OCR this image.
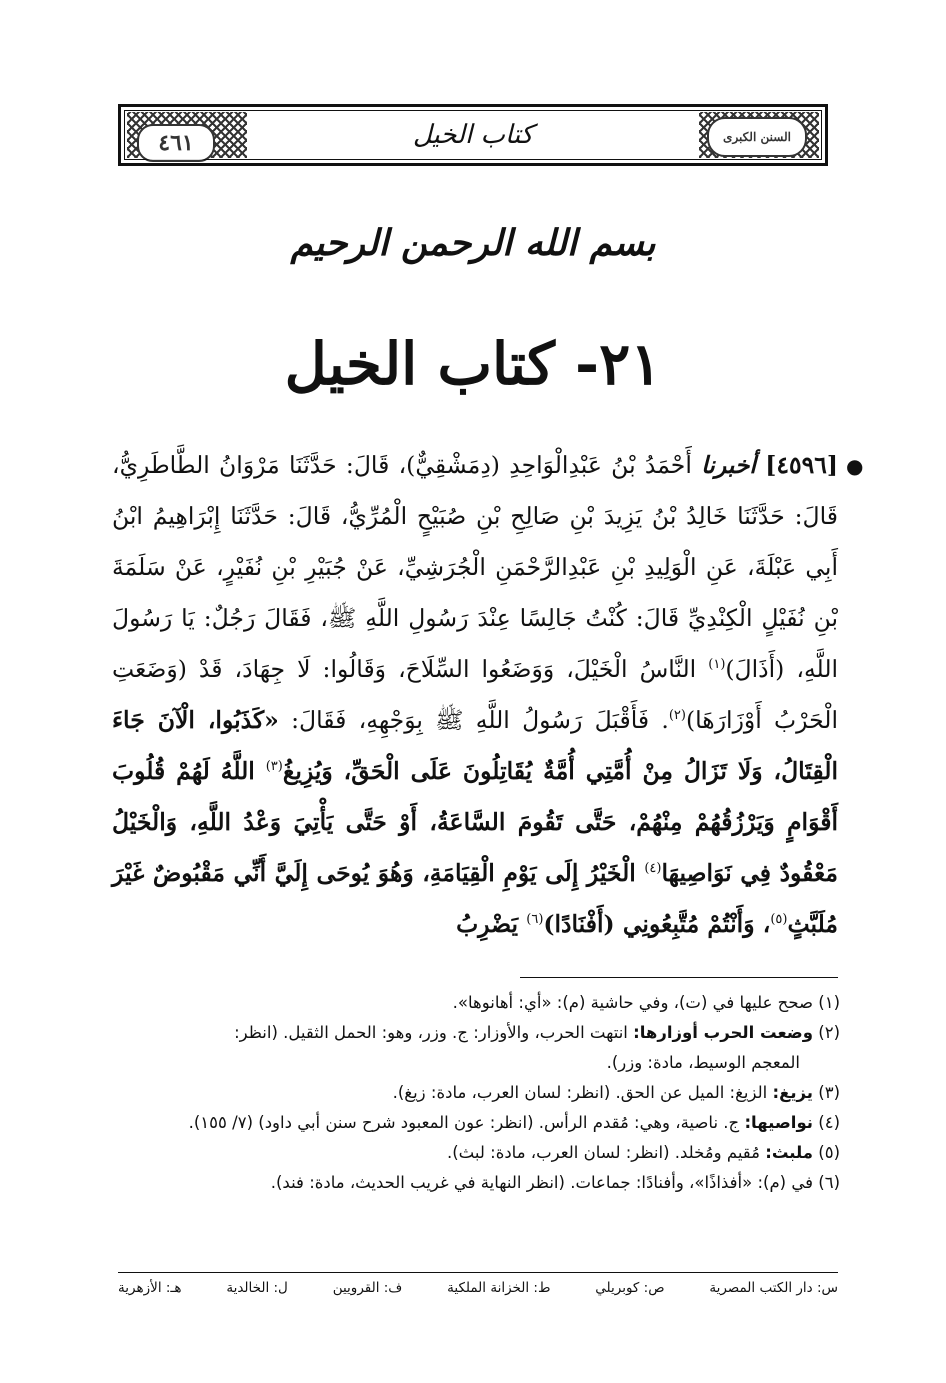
٤٦١	كتاب الخيل	السنن الكبرى
بسم الله الرحمن الرحيم
٢١- كتاب الخيل
●
[٤٥٩٦] أخبرنا أَحْمَدُ بْنُ عَبْدِالْوَاحِدِ (دِمَشْقِيٌّ)، قَالَ: حَدَّثَنَا مَرْوَانُ الطَّاطَرِيُّ، قَالَ: حَدَّثَنَا خَالِدُ بْنُ يَزِيدَ بْنِ صَالِحِ بْنِ صُبَيْحٍ الْمُرِّيُّ، قَالَ: حَدَّثَنَا إِبْرَاهِيمُ ابْنُ أَبِي عَبْلَةَ، عَنِ الْوَلِيدِ بْنِ عَبْدِالرَّحْمَنِ الْجُرَشِيِّ، عَنْ جُبَيْرِ بْنِ نُفَيْرٍ، عَنْ سَلَمَةَ بْنِ نُفَيْلٍ الْكِنْدِيِّ قَالَ: كُنْتُ جَالِسًا عِنْدَ رَسُولِ اللَّهِ ﷺ، فَقَالَ رَجُلٌ: يَا رَسُولَ اللَّهِ، (أَذَالَ)$^{(١)}$ النَّاسُ الْخَيْلَ، وَوَضَعُوا السِّلَاحَ، وَقَالُوا: لَا جِهَادَ، قَدْ (وَضَعَتِ الْحَرْبُ أَوْزَارَهَا)$^{(٢)}$. فَأَقْبَلَ رَسُولُ اللَّهِ ﷺ بِوَجْهِهِ، فَقَالَ: «كَذَبُوا، الْآنَ جَاءَ الْقِتَالُ، وَلَا تَزَالُ مِنْ أُمَّتِي أُمَّةٌ يُقَاتِلُونَ عَلَى الْحَقِّ، وَيُزِيغُ$^{(٣)}$ اللَّهُ لَهُمْ قُلُوبَ أَقْوَامٍ وَيَرْزُقُهُمْ مِنْهُمْ، حَتَّى تَقُومَ السَّاعَةُ، أَوْ حَتَّى يَأْتِيَ وَعْدُ اللَّهِ، وَالْخَيْلُ مَعْقُودٌ فِي نَوَاصِيهَا$^{(٤)}$ الْخَيْرُ إِلَى يَوْمِ الْقِيَامَةِ، وَهُوَ يُوحَى إِلَيَّ أَنِّي مَقْبُوضٌ غَيْرَ مُلَبَّثٍ$^{(٥)}$، وَأَنْتُمْ مُتَّبِعُونِي (أَفْنَادًا)$^{(٦)}$ يَضْرِبُ

(١) صحح عليها في (ت)، وفي حاشية (م): «أي: أهانوها».

(٢) وضعت الحرب أوزارها: انتهت الحرب، والأوزار: ج. وزر، وهو: الحمل الثقيل. (انظر:

المعجم الوسيط، مادة: وزر).

(٣) يزيغ: الزيغ: الميل عن الحق. (انظر: لسان العرب، مادة: زيغ).

(٤) نواصيها: ج. ناصية، وهي: مُقدم الرأس. (انظر: عون المعبود شرح سنن أبي داود) (٧/ ١٥٥).

(٥) ملبث: مُقيم ومُخلد. (انظر: لسان العرب، مادة: لبث).

(٦) في (م): «أفذاذًا»، وأفنادًا: جماعات. (انظر النهاية في غريب الحديث، مادة: فند).

س: دار الكتب المصرية
ص: كوبريلي
ط: الخزانة الملكية
ف: القرويين
ل: الخالدية
هـ: الأزهرية
